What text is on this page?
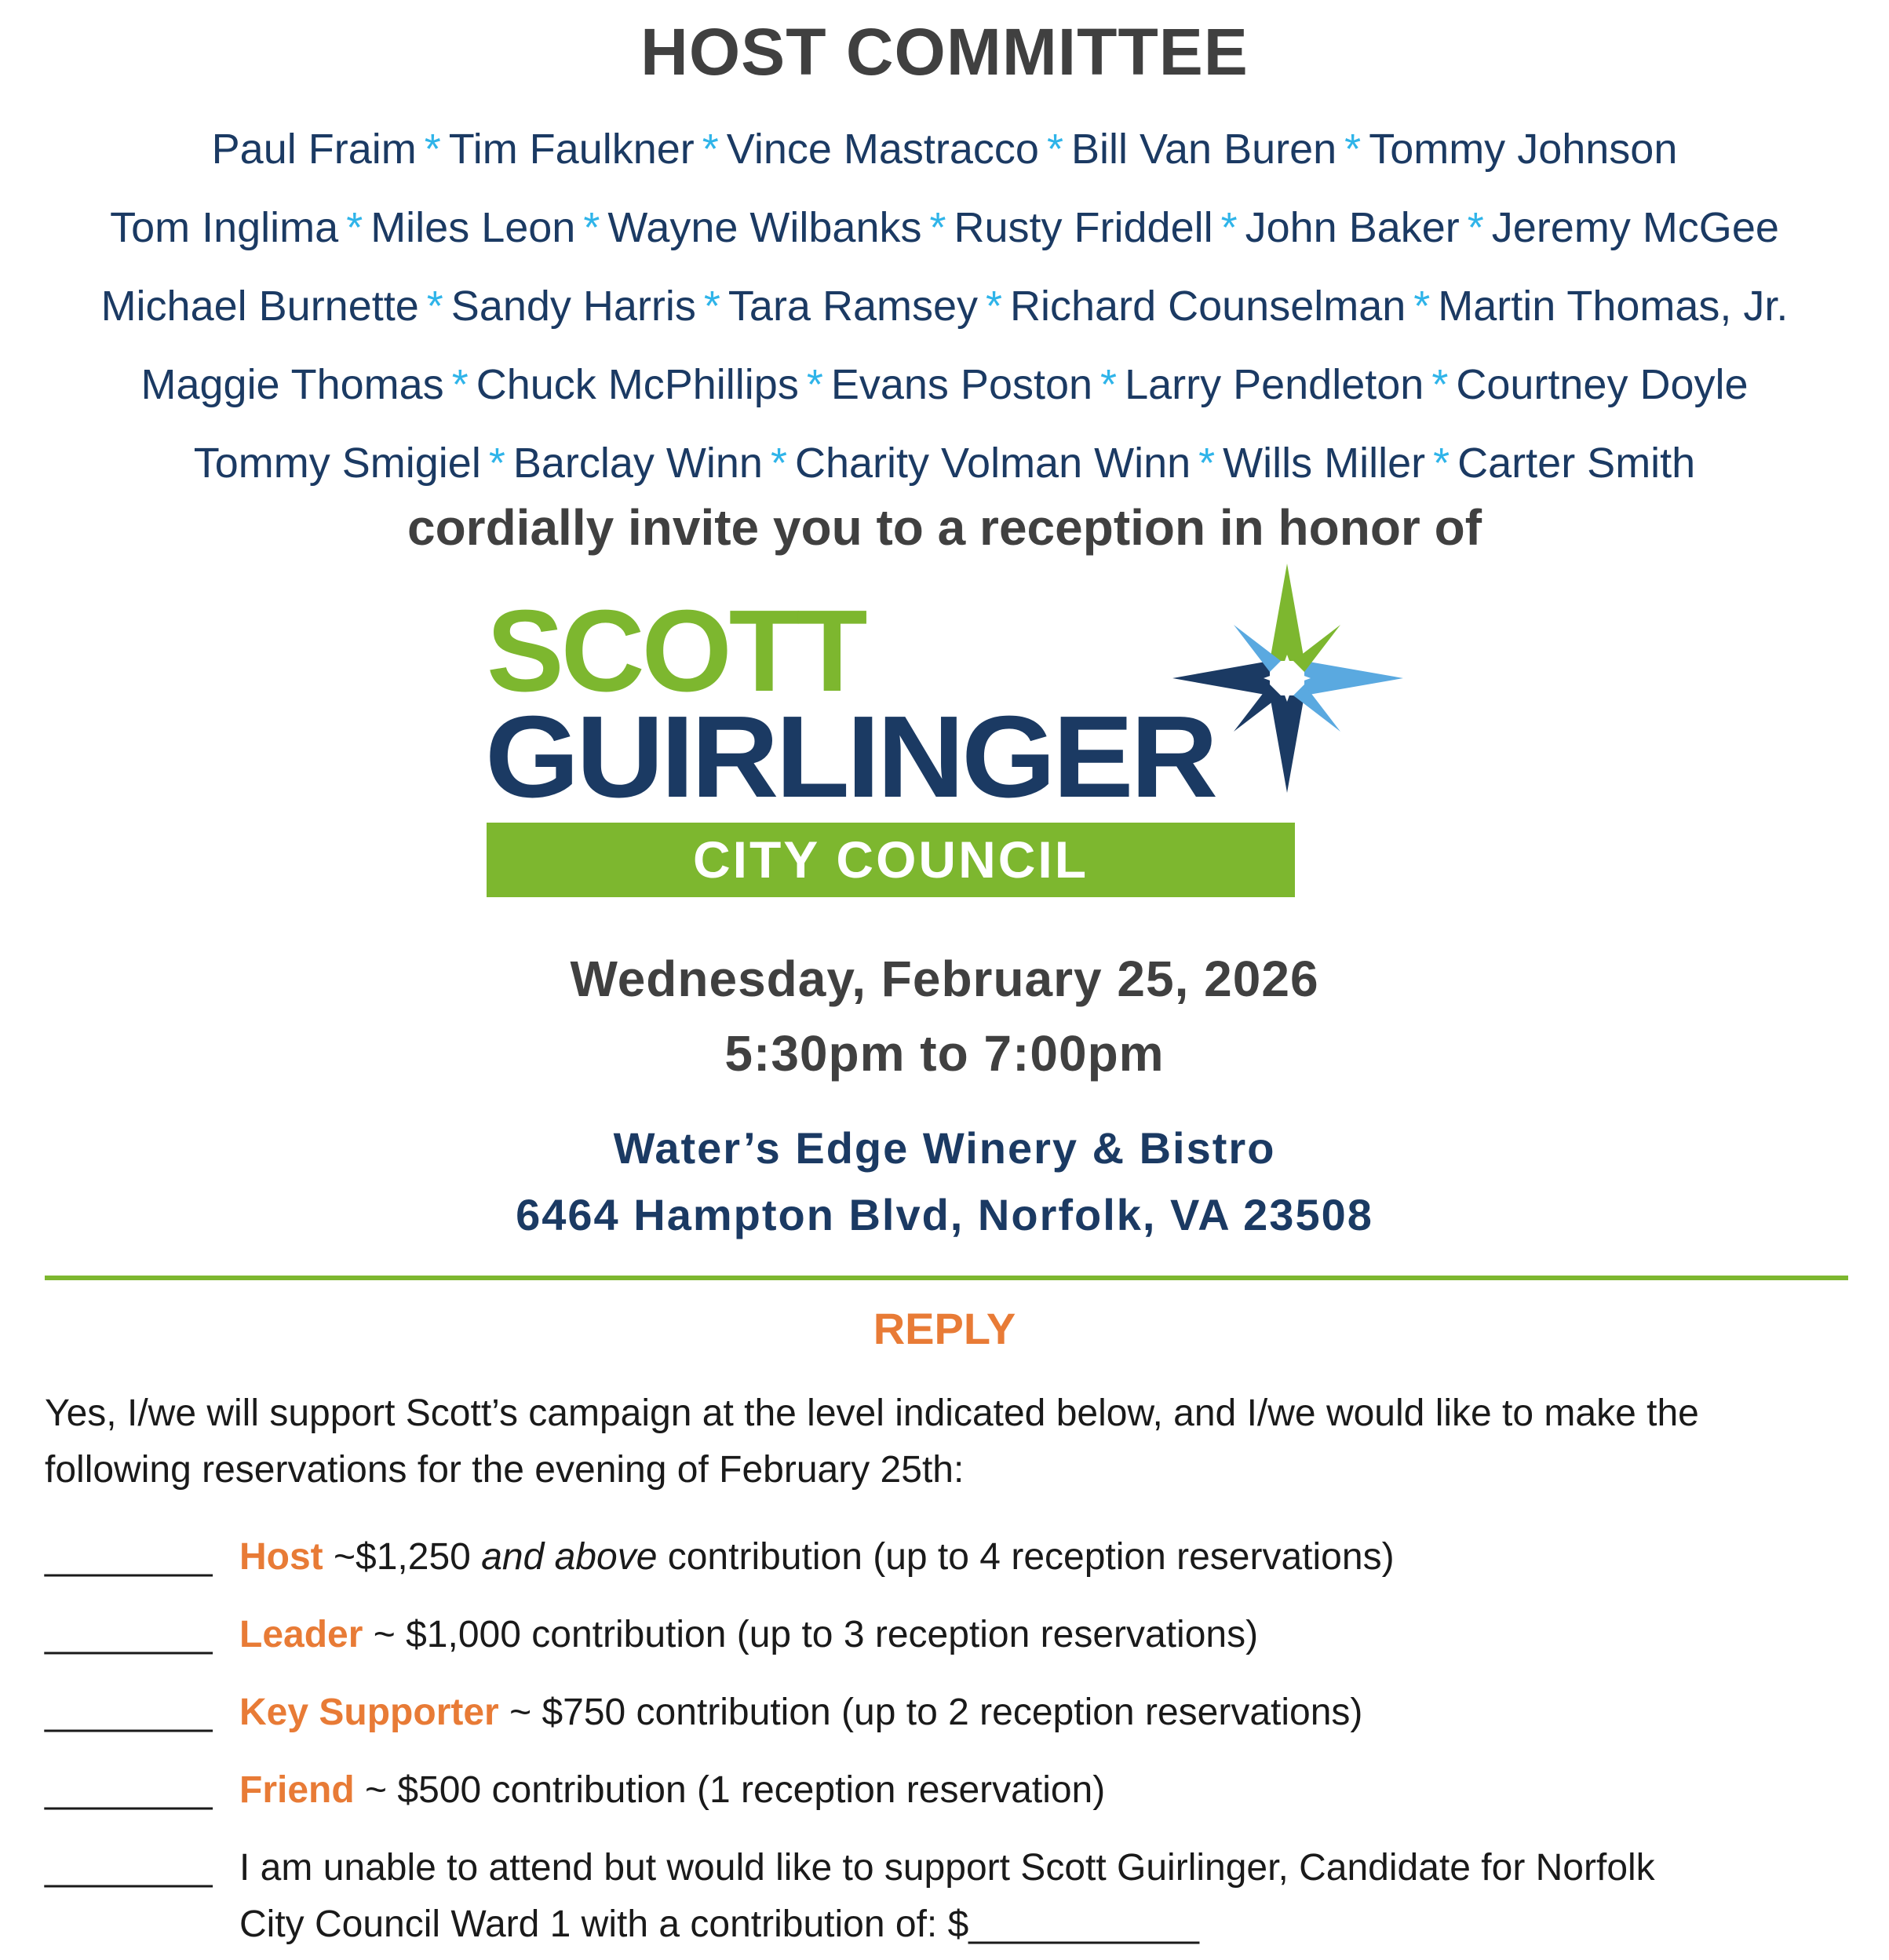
HOST COMMITTEE
Paul Fraim * Tim Faulkner * Vince Mastracco * Bill Van Buren * Tommy Johnson
Tom Inglima * Miles Leon * Wayne Wilbanks * Rusty Friddell * John Baker * Jeremy McGee
Michael Burnette * Sandy Harris * Tara Ramsey * Richard Counselman * Martin Thomas, Jr.
Maggie Thomas * Chuck McPhillips * Evans Poston * Larry Pendleton * Courtney Doyle
Tommy Smigiel * Barclay Winn * Charity Volman Winn * Wills Miller * Carter Smith
cordially invite you to a reception in honor of
SCOTT
GUIRLINGER
CITY COUNCIL
Wednesday, February 25, 2026
5:30pm to 7:00pm
Water’s Edge Winery & Bistro
6464 Hampton Blvd, Norfolk, VA 23508
REPLY
Yes, I/we will support Scott’s campaign at the level indicated below, and I/we would like to make the following reservations for the evening of February 25th:
________ Host ~$1,250 and above contribution (up to 4 reception reservations)
________ Leader ~ $1,000 contribution (up to 3 reception reservations)
________ Key Supporter ~ $750 contribution (up to 2 reception reservations)
________ Friend ~ $500 contribution (1 reception reservation)
________ I am unable to attend but would like to support Scott Guirlinger, Candidate for Norfolk
City Council Ward 1 with a contribution of: $___________
